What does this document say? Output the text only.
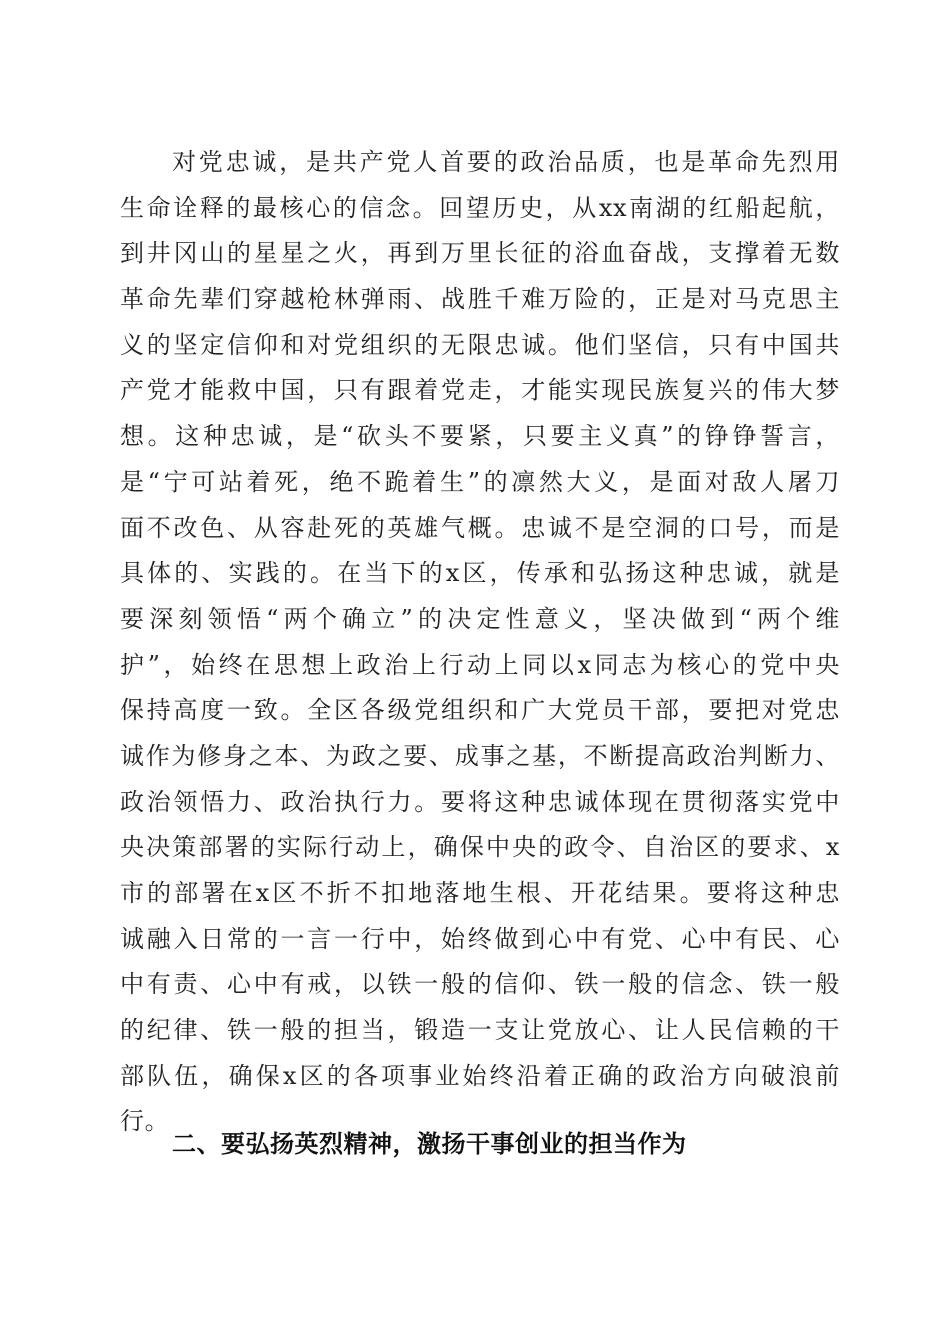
对党忠诚，是共产党人首要的政治品质，也是革命先烈用
生命诠释的最核心的信念。回望历史，从xx南湖的红船起航，
到井冈山的星星之火，再到万里长征的浴血奋战，支撑着无数
革命先辈们穿越枪林弹雨、战胜千难万险的，正是对马克思主
义的坚定信仰和对党组织的无限忠诚。他们坚信，只有中国共
产党才能救中国，只有跟着党走，才能实现民族复兴的伟大梦
想。这种忠诚，是“砍头不要紧，只要主义真”的铮铮誓言，
是“宁可站着死，绝不跪着生”的凛然大义，是面对敌人屠刀
面不改色、从容赴死的英雄气概。忠诚不是空洞的口号，而是
具体的、实践的。在当下的x区，传承和弘扬这种忠诚，就是
要深刻领悟“两个确立”的决定性意义，坚决做到“两个维
护”，始终在思想上政治上行动上同以x同志为核心的党中央
保持高度一致。全区各级党组织和广大党员干部，要把对党忠
诚作为修身之本、为政之要、成事之基，不断提高政治判断力、
政治领悟力、政治执行力。要将这种忠诚体现在贯彻落实党中
央决策部署的实际行动上，确保中央的政令、自治区的要求、x
市的部署在x区不折不扣地落地生根、开花结果。要将这种忠
诚融入日常的一言一行中，始终做到心中有党、心中有民、心
中有责、心中有戒，以铁一般的信仰、铁一般的信念、铁一般
的纪律、铁一般的担当，锻造一支让党放心、让人民信赖的干
部队伍，确保x区的各项事业始终沿着正确的政治方向破浪前
行。
二、要弘扬英烈精神，激扬干事创业的担当作为
